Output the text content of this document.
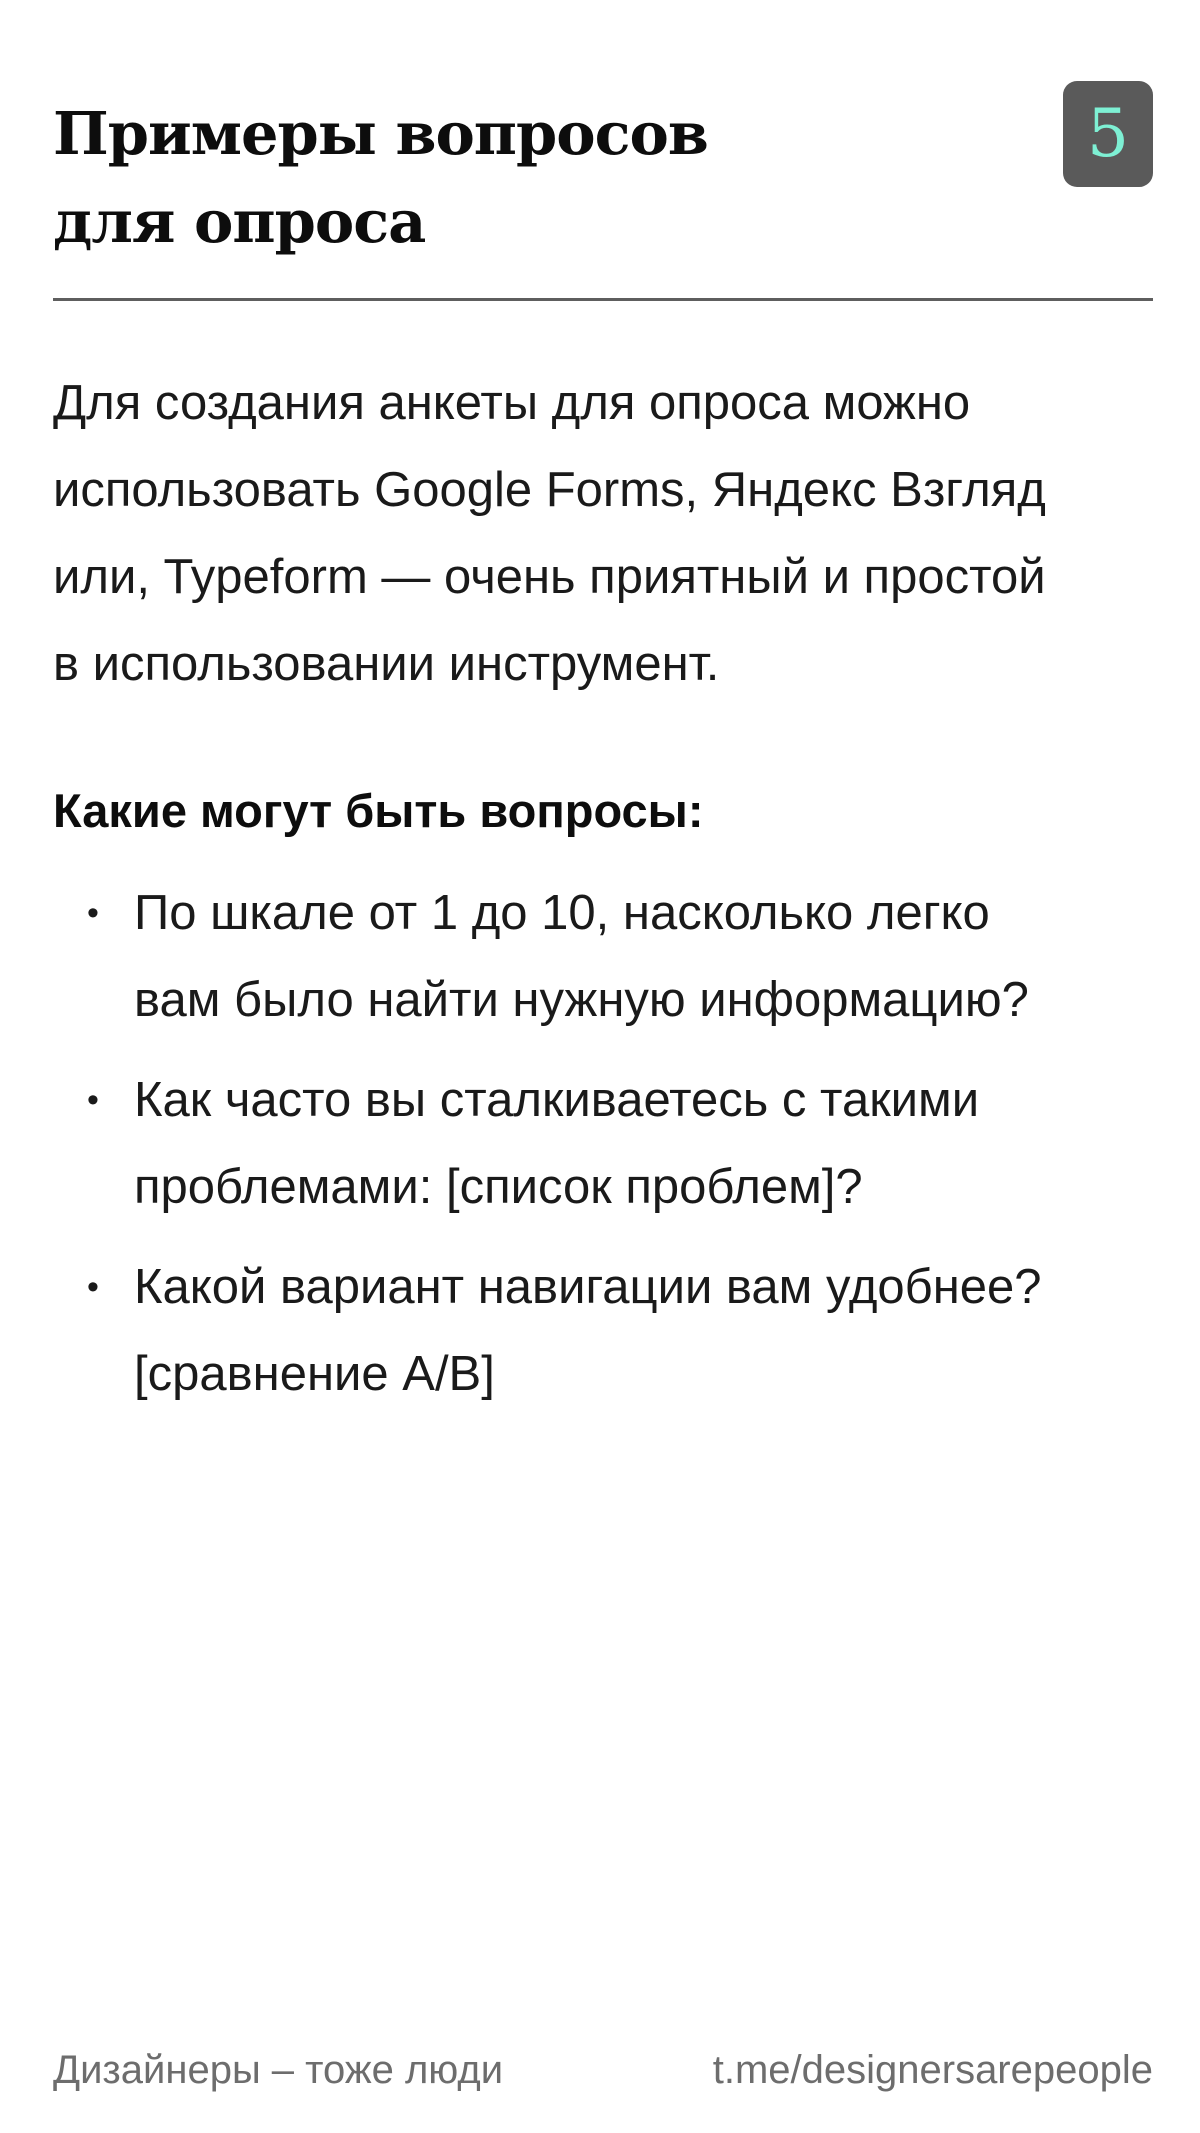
Примеры вопросов
для опроса
5

Для создания анкеты для опроса можно
использовать Google Forms, Яндекс Взгляд
или, Typeform — очень приятный и простой
в использовании инструмент.

Какие могут быть вопросы:
• По шкале от 1 до 10, насколько легко
вам было найти нужную информацию?
• Как часто вы сталкиваетесь с такими
проблемами: [список проблем]?
• Какой вариант навигации вам удобнее?
[сравнение А/В]
Дизайнеры – тоже люди	t.me/designersarepeople
